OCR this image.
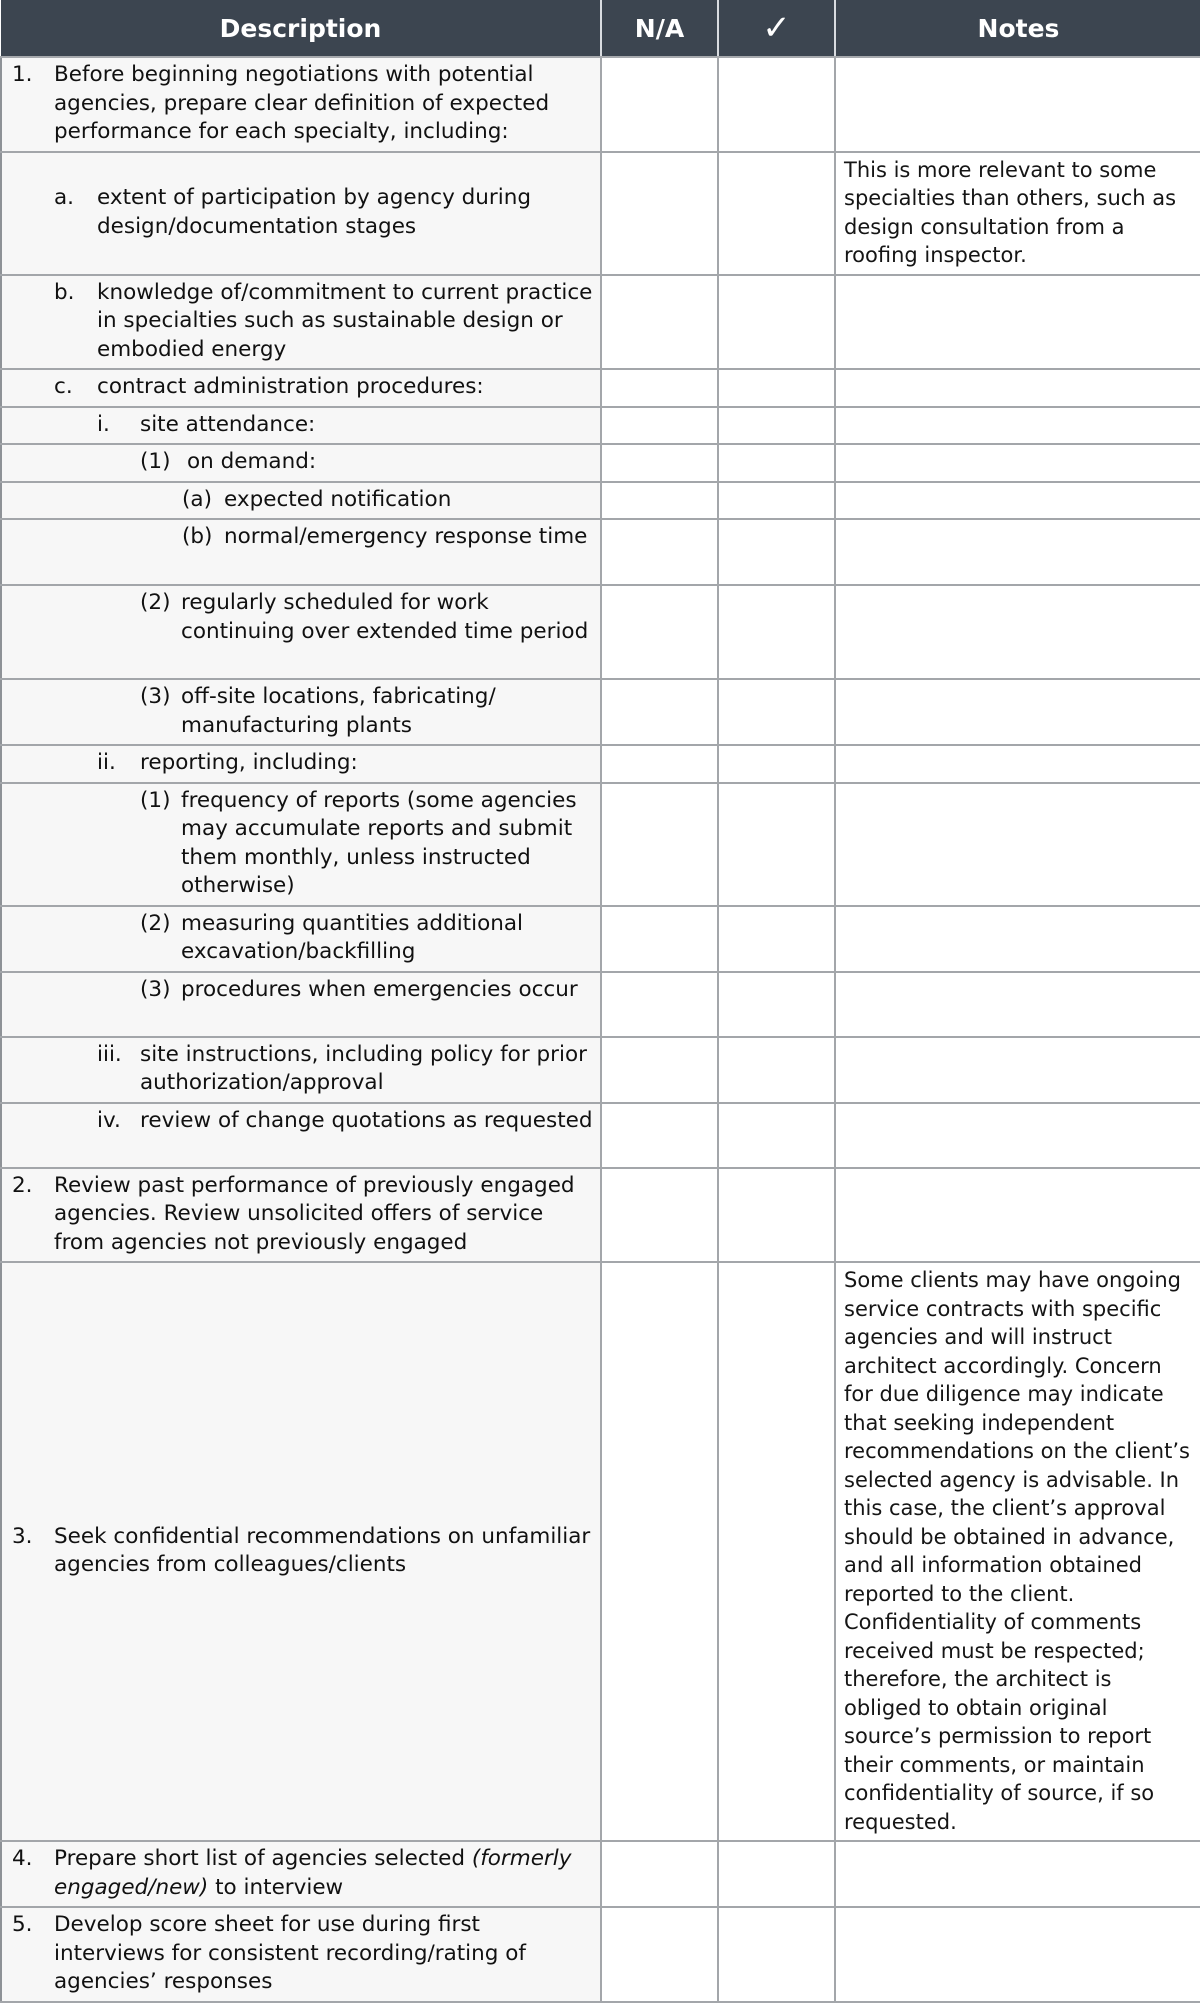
Description	N/A	✓	Notes

1. Before beginning negotiations with potential agencies, prepare clear definition of expected performance for each specialty, including:			

a. extent of participation by agency during design/documentation stages			This is more relevant to some specialties than others, such as design consultation from a roofing inspector.

b. knowledge of/commitment to current practice in specialties such as sustainable design or embodied energy			

c. contract administration procedures:			

i. site attendance:			

(1) on demand:			

(a) expected notification			

(b) normal/emergency response time			

(2) regularly scheduled for work continuing over extended time period			

(3) off-site locations, fabricating/ manufacturing plants			

ii. reporting, including:			

(1) frequency of reports (some agencies may accumulate reports and submit them monthly, unless instructed otherwise)			

(2) measuring quantities additional excavation/backfilling			

(3) procedures when emergencies occur			

iii. site instructions, including policy for prior authorization/approval			

iv. review of change quotations as requested			

2. Review past performance of previously engaged agencies. Review unsolicited offers of service from agencies not previously engaged			

3. Seek confidential recommendations on unfamiliar agencies from colleagues/clients			Some clients may have ongoing service contracts with specific agencies and will instruct architect accordingly. Concern for due diligence may indicate that seeking independent recommendations on the client’s selected agency is advisable. In this case, the client’s approval should be obtained in advance, and all information obtained reported to the client. Confidentiality of comments received must be respected; therefore, the architect is obliged to obtain original source’s permission to report their comments, or maintain confidentiality of source, if so requested.

4. Prepare short list of agencies selected (formerly engaged/new) to interview			

5. Develop score sheet for use during first interviews for consistent recording/rating of agencies’ responses			
